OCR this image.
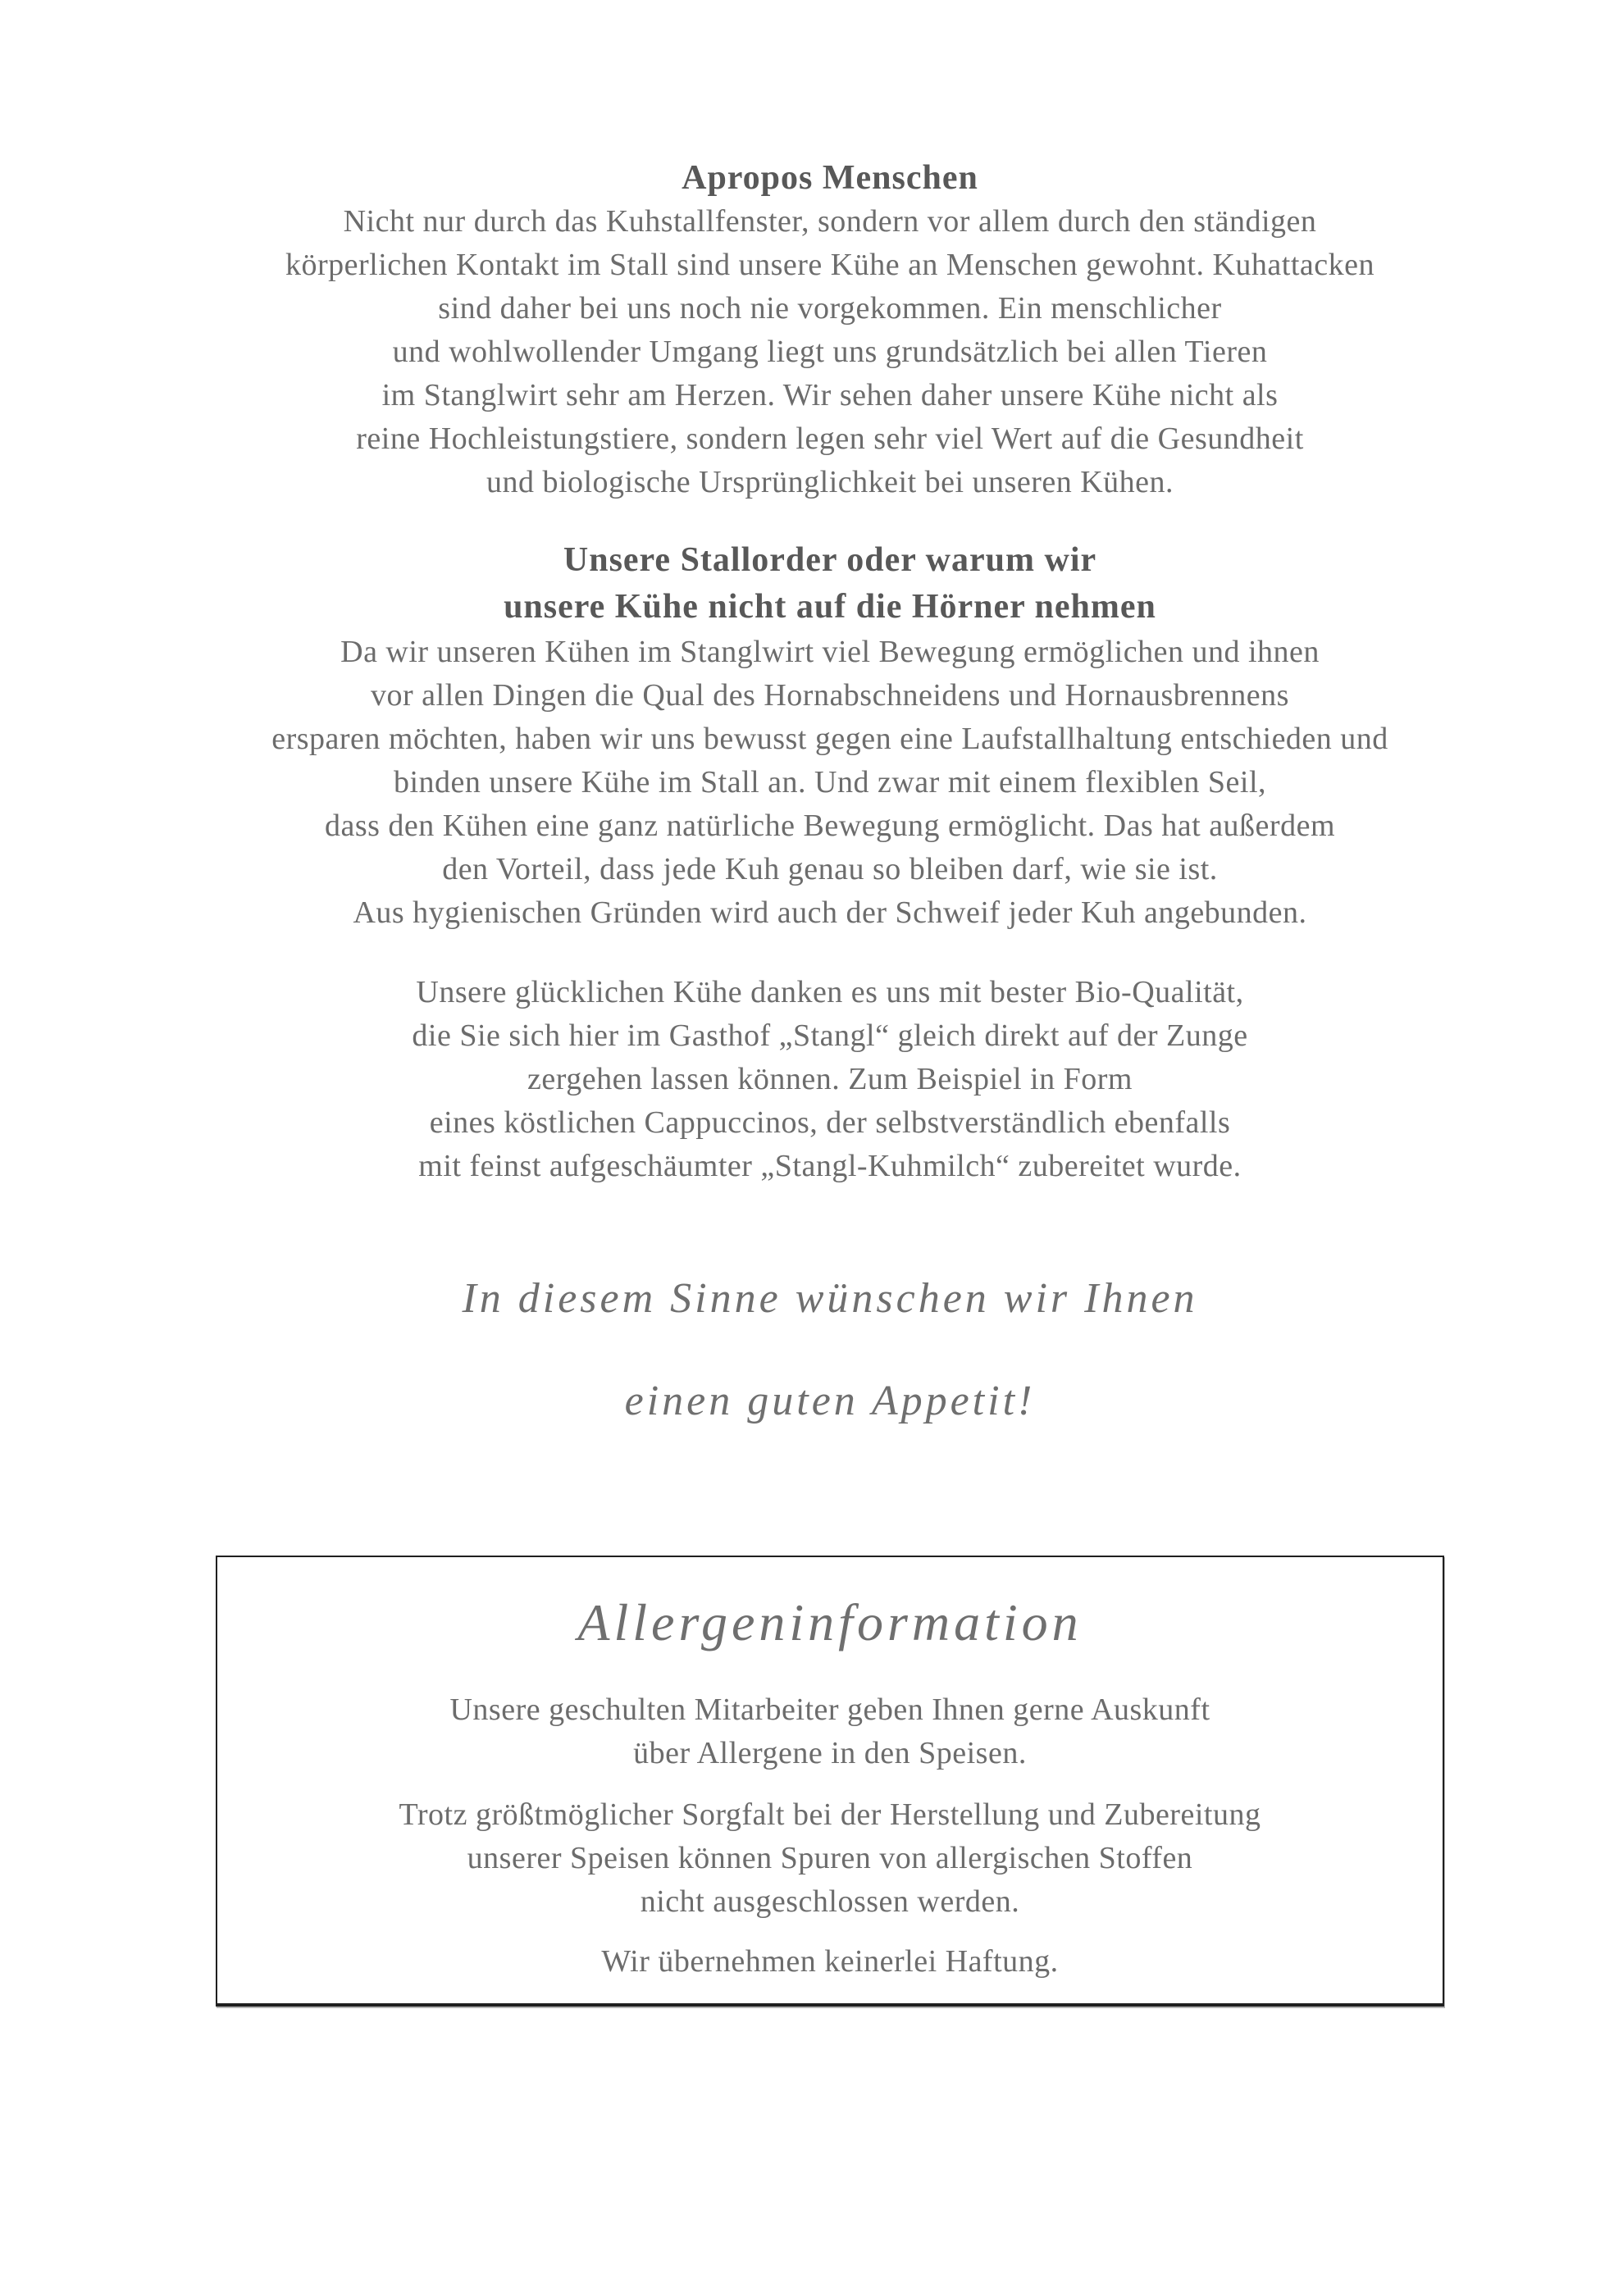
Apropos Menschen
Nicht nur durch das Kuhstallfenster, sondern vor allem durch den ständigen
körperlichen Kontakt im Stall sind unsere Kühe an Menschen gewohnt. Kuhattacken
sind daher bei uns noch nie vorgekommen. Ein menschlicher
und wohlwollender Umgang liegt uns grundsätzlich bei allen Tieren
im Stanglwirt sehr am Herzen. Wir sehen daher unsere Kühe nicht als
reine Hochleistungstiere, sondern legen sehr viel Wert auf die Gesundheit
und biologische Ursprünglichkeit bei unseren Kühen.
Unsere Stallorder oder warum wir
unsere Kühe nicht auf die Hörner nehmen
Da wir unseren Kühen im Stanglwirt viel Bewegung ermöglichen und ihnen
vor allen Dingen die Qual des Hornabschneidens und Hornausbrennens
ersparen möchten, haben wir uns bewusst gegen eine Laufstallhaltung entschieden und
binden unsere Kühe im Stall an. Und zwar mit einem flexiblen Seil,
dass den Kühen eine ganz natürliche Bewegung ermöglicht. Das hat außerdem
den Vorteil, dass jede Kuh genau so bleiben darf, wie sie ist.
Aus hygienischen Gründen wird auch der Schweif jeder Kuh angebunden.
Unsere glücklichen Kühe danken es uns mit bester Bio-Qualität,
die Sie sich hier im Gasthof „Stangl“ gleich direkt auf der Zunge
zergehen lassen können. Zum Beispiel in Form
eines köstlichen Cappuccinos, der selbstverständlich ebenfalls
mit feinst aufgeschäumter „Stangl-Kuhmilch“ zubereitet wurde.
In diesem Sinne wünschen wir Ihnen
einen guten Appetit!
Allergeninformation
Unsere geschulten Mitarbeiter geben Ihnen gerne Auskunft
über Allergene in den Speisen.
Trotz größtmöglicher Sorgfalt bei der Herstellung und Zubereitung
unserer Speisen können Spuren von allergischen Stoffen
nicht ausgeschlossen werden.
Wir übernehmen keinerlei Haftung.
